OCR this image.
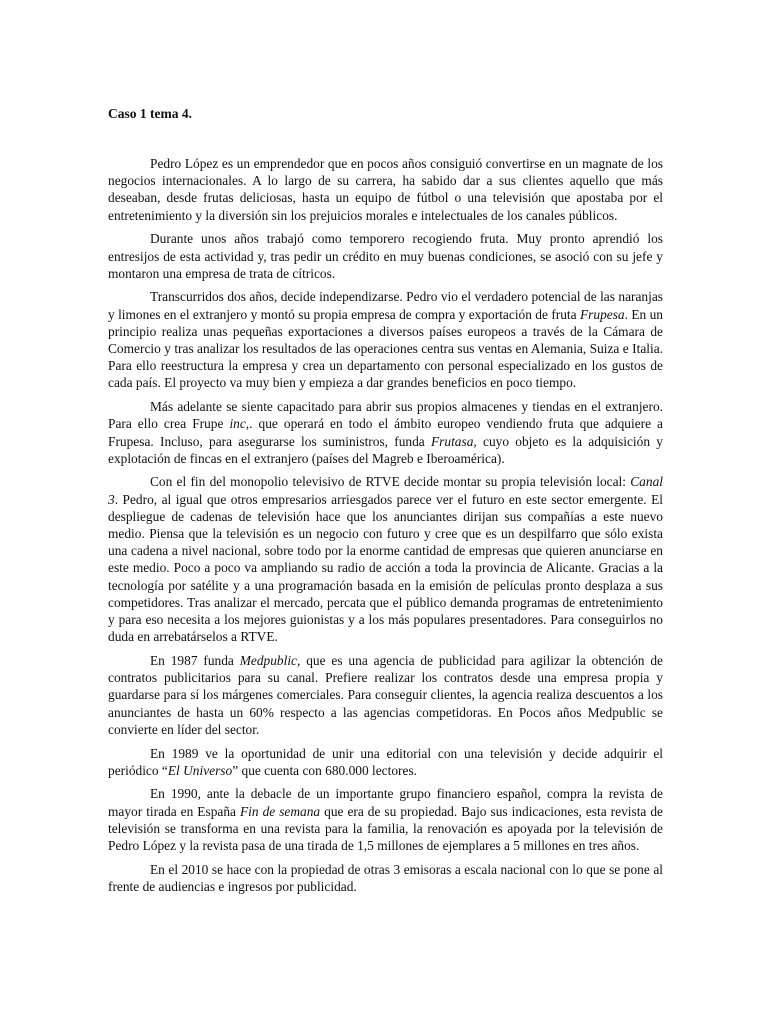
Caso 1 tema 4.

Pedro López es un emprendedor que en pocos años consiguió convertirse en un magnate de los negocios internacionales. A lo largo de su carrera, ha sabido dar a sus clientes aquello que más deseaban, desde frutas deliciosas, hasta un equipo de fútbol o una televisión que apostaba por el entretenimiento y la diversión sin los prejuicios morales e intelectuales de los canales públicos.

Durante unos años trabajó como temporero recogiendo fruta. Muy pronto aprendió los entresijos de esta actividad y, tras pedir un crédito en muy buenas condiciones, se asoció con su jefe y montaron una empresa de trata de cítricos.

Transcurridos dos años, decide independizarse. Pedro vio el verdadero potencial de las naranjas y limones en el extranjero y montó su propia empresa de compra y exportación de fruta Frupesa. En un principio realiza unas pequeñas exportaciones a diversos países europeos a través de la Cámara de Comercio y tras analizar los resultados de las operaciones centra sus ventas en Alemania, Suiza e Italia. Para ello reestructura la empresa y crea un departamento con personal especializado en los gustos de cada país. El proyecto va muy bien y empieza a dar grandes beneficios en poco tiempo.

Más adelante se siente capacitado para abrir sus propios almacenes y tiendas en el extranjero. Para ello crea Frupe inc,. que operará en todo el ámbito europeo vendiendo fruta que adquiere a Frupesa. Incluso, para asegurarse los suministros, funda Frutasa, cuyo objeto es la adquisición y explotación de fincas en el extranjero (países del Magreb e Iberoamérica).

Con el fin del monopolio televisivo de RTVE decide montar su propia televisión local: Canal 3. Pedro, al igual que otros empresarios arriesgados parece ver el futuro en este sector emergente. El despliegue de cadenas de televisión hace que los anunciantes dirijan sus compañías a este nuevo medio. Piensa que la televisión es un negocio con futuro y cree que es un despilfarro que sólo exista una cadena a nivel nacional, sobre todo por la enorme cantidad de empresas que quieren anunciarse en este medio. Poco a poco va ampliando su radio de acción a toda la provincia de Alicante. Gracias a la tecnología por satélite y a una programación basada en la emisión de películas pronto desplaza a sus competidores. Tras analizar el mercado, percata que el público demanda programas de entretenimiento y para eso necesita a los mejores guionistas y a los más populares presentadores. Para conseguirlos no duda en arrebatárselos a RTVE.

En 1987 funda Medpublic, que es una agencia de publicidad para agilizar la obtención de contratos publicitarios para su canal. Prefiere realizar los contratos desde una empresa propia y guardarse para sí los márgenes comerciales. Para conseguir clientes, la agencia realiza descuentos a los anunciantes de hasta un 60% respecto a las agencias competidoras. En Pocos años Medpublic se convierte en líder del sector.

En 1989 ve la oportunidad de unir una editorial con una televisión y decide adquirir el periódico “El Universo” que cuenta con 680.000 lectores.

En 1990, ante la debacle de un importante grupo financiero español, compra la revista de mayor tirada en España Fin de semana que era de su propiedad. Bajo sus indicaciones, esta revista de televisión se transforma en una revista para la familia, la renovación es apoyada por la televisión de Pedro López y la revista pasa de una tirada de 1,5 millones de ejemplares a 5 millones en tres años.

En el 2010 se hace con la propiedad de otras 3 emisoras a escala nacional con lo que se pone al frente de audiencias e ingresos por publicidad.
